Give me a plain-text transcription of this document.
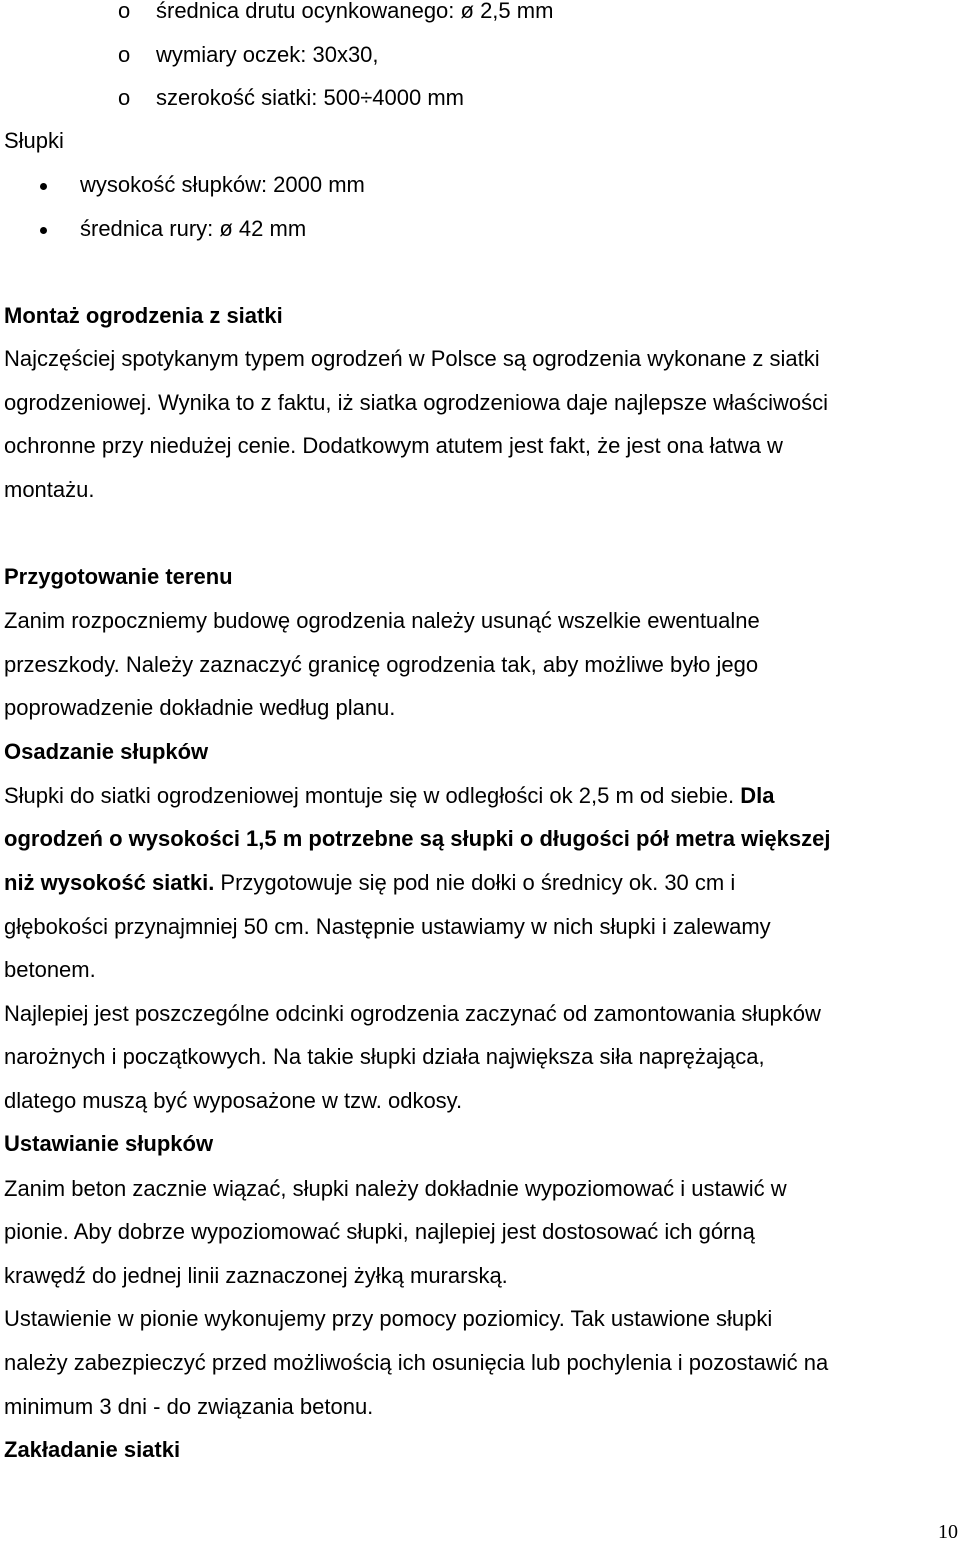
o średnica drutu ocynkowanego: ø 2,5 mm
o wymiary oczek: 30x30,
o szerokość siatki: 500÷4000 mm
Słupki
wysokość słupków: 2000 mm
średnica rury: ø 42 mm
Montaż ogrodzenia z siatki
Najczęściej spotykanym typem ogrodzeń w Polsce są ogrodzenia wykonane z siatki
ogrodzeniowej. Wynika to z faktu, iż siatka ogrodzeniowa daje najlepsze właściwości
ochronne przy niedużej cenie. Dodatkowym atutem jest fakt, że jest ona łatwa w
montażu.
Przygotowanie terenu
Zanim rozpoczniemy budowę ogrodzenia należy usunąć wszelkie ewentualne
przeszkody. Należy zaznaczyć granicę ogrodzenia tak, aby możliwe było jego
poprowadzenie dokładnie według planu.
Osadzanie słupków
Słupki do siatki ogrodzeniowej montuje się w odległości ok 2,5 m od siebie. Dla
ogrodzeń o wysokości 1,5 m potrzebne są słupki o długości pół metra większej
niż wysokość siatki. Przygotowuje się pod nie dołki o średnicy ok. 30 cm i
głębokości przynajmniej 50 cm. Następnie ustawiamy w nich słupki i zalewamy
betonem.
Najlepiej jest poszczególne odcinki ogrodzenia zaczynać od zamontowania słupków
narożnych i początkowych. Na takie słupki działa największa siła naprężająca,
dlatego muszą być wyposażone w tzw. odkosy.
Ustawianie słupków
Zanim beton zacznie wiązać, słupki należy dokładnie wypoziomować i ustawić w
pionie. Aby dobrze wypoziomować słupki, najlepiej jest dostosować ich górną
krawędź do jednej linii zaznaczonej żyłką murarską.
Ustawienie w pionie wykonujemy przy pomocy poziomicy. Tak ustawione słupki
należy zabezpieczyć przed możliwością ich osunięcia lub pochylenia i pozostawić na
minimum 3 dni - do związania betonu.
Zakładanie siatki
10
